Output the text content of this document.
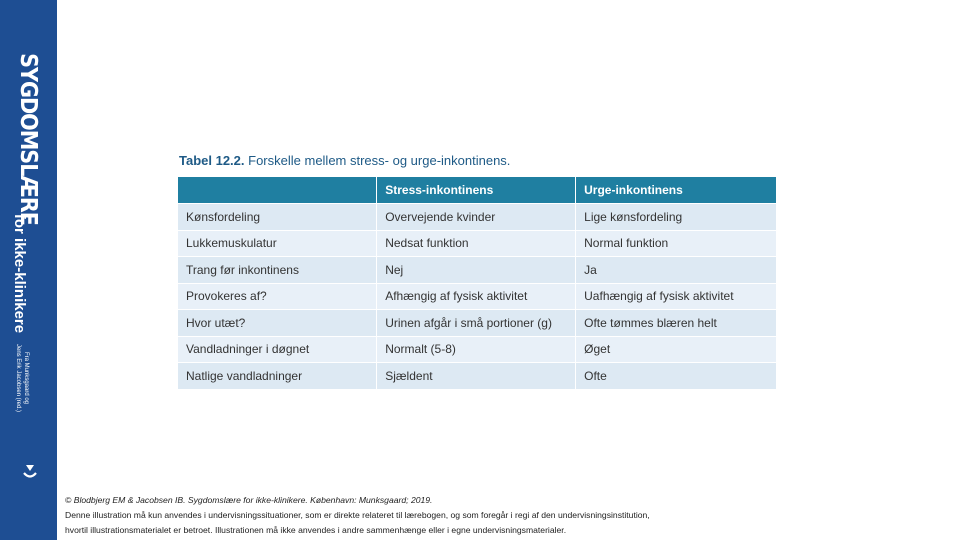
SYGDOMSLÆRE
for ikke-klinikere
Fra Munksgaard og
Jens Erik Jacobsen (red.)
Tabel 12.2. Forskelle mellem stress- og urge-inkontinens.
	Stress-inkontinens	Urge-inkontinens
Kønsfordeling	Overvejende kvinder	Lige kønsfordeling
Lukkemuskulatur	Nedsat funktion	Normal funktion
Trang før inkontinens	Nej	Ja
Provokeres af?	Afhængig af fysisk aktivitet	Uafhængig af fysisk aktivitet
Hvor utæt?	Urinen afgår i små portioner (g)	Ofte tømmes blæren helt
Vandladninger i døgnet	Normalt (5-8)	Øget
Natlige vandladninger	Sjældent	Ofte
© Blodbjerg EM & Jacobsen IB. Sygdomslære for ikke-klinikere. København: Munksgaard; 2019.
Denne illustration må kun anvendes i undervisningssituationer, som er direkte relateret til lærebogen, og som foregår i regi af den undervisningsinstitution,
hvortil illustrationsmaterialet er betroet. Illustrationen må ikke anvendes i andre sammenhænge eller i egne undervisningsmaterialer.
